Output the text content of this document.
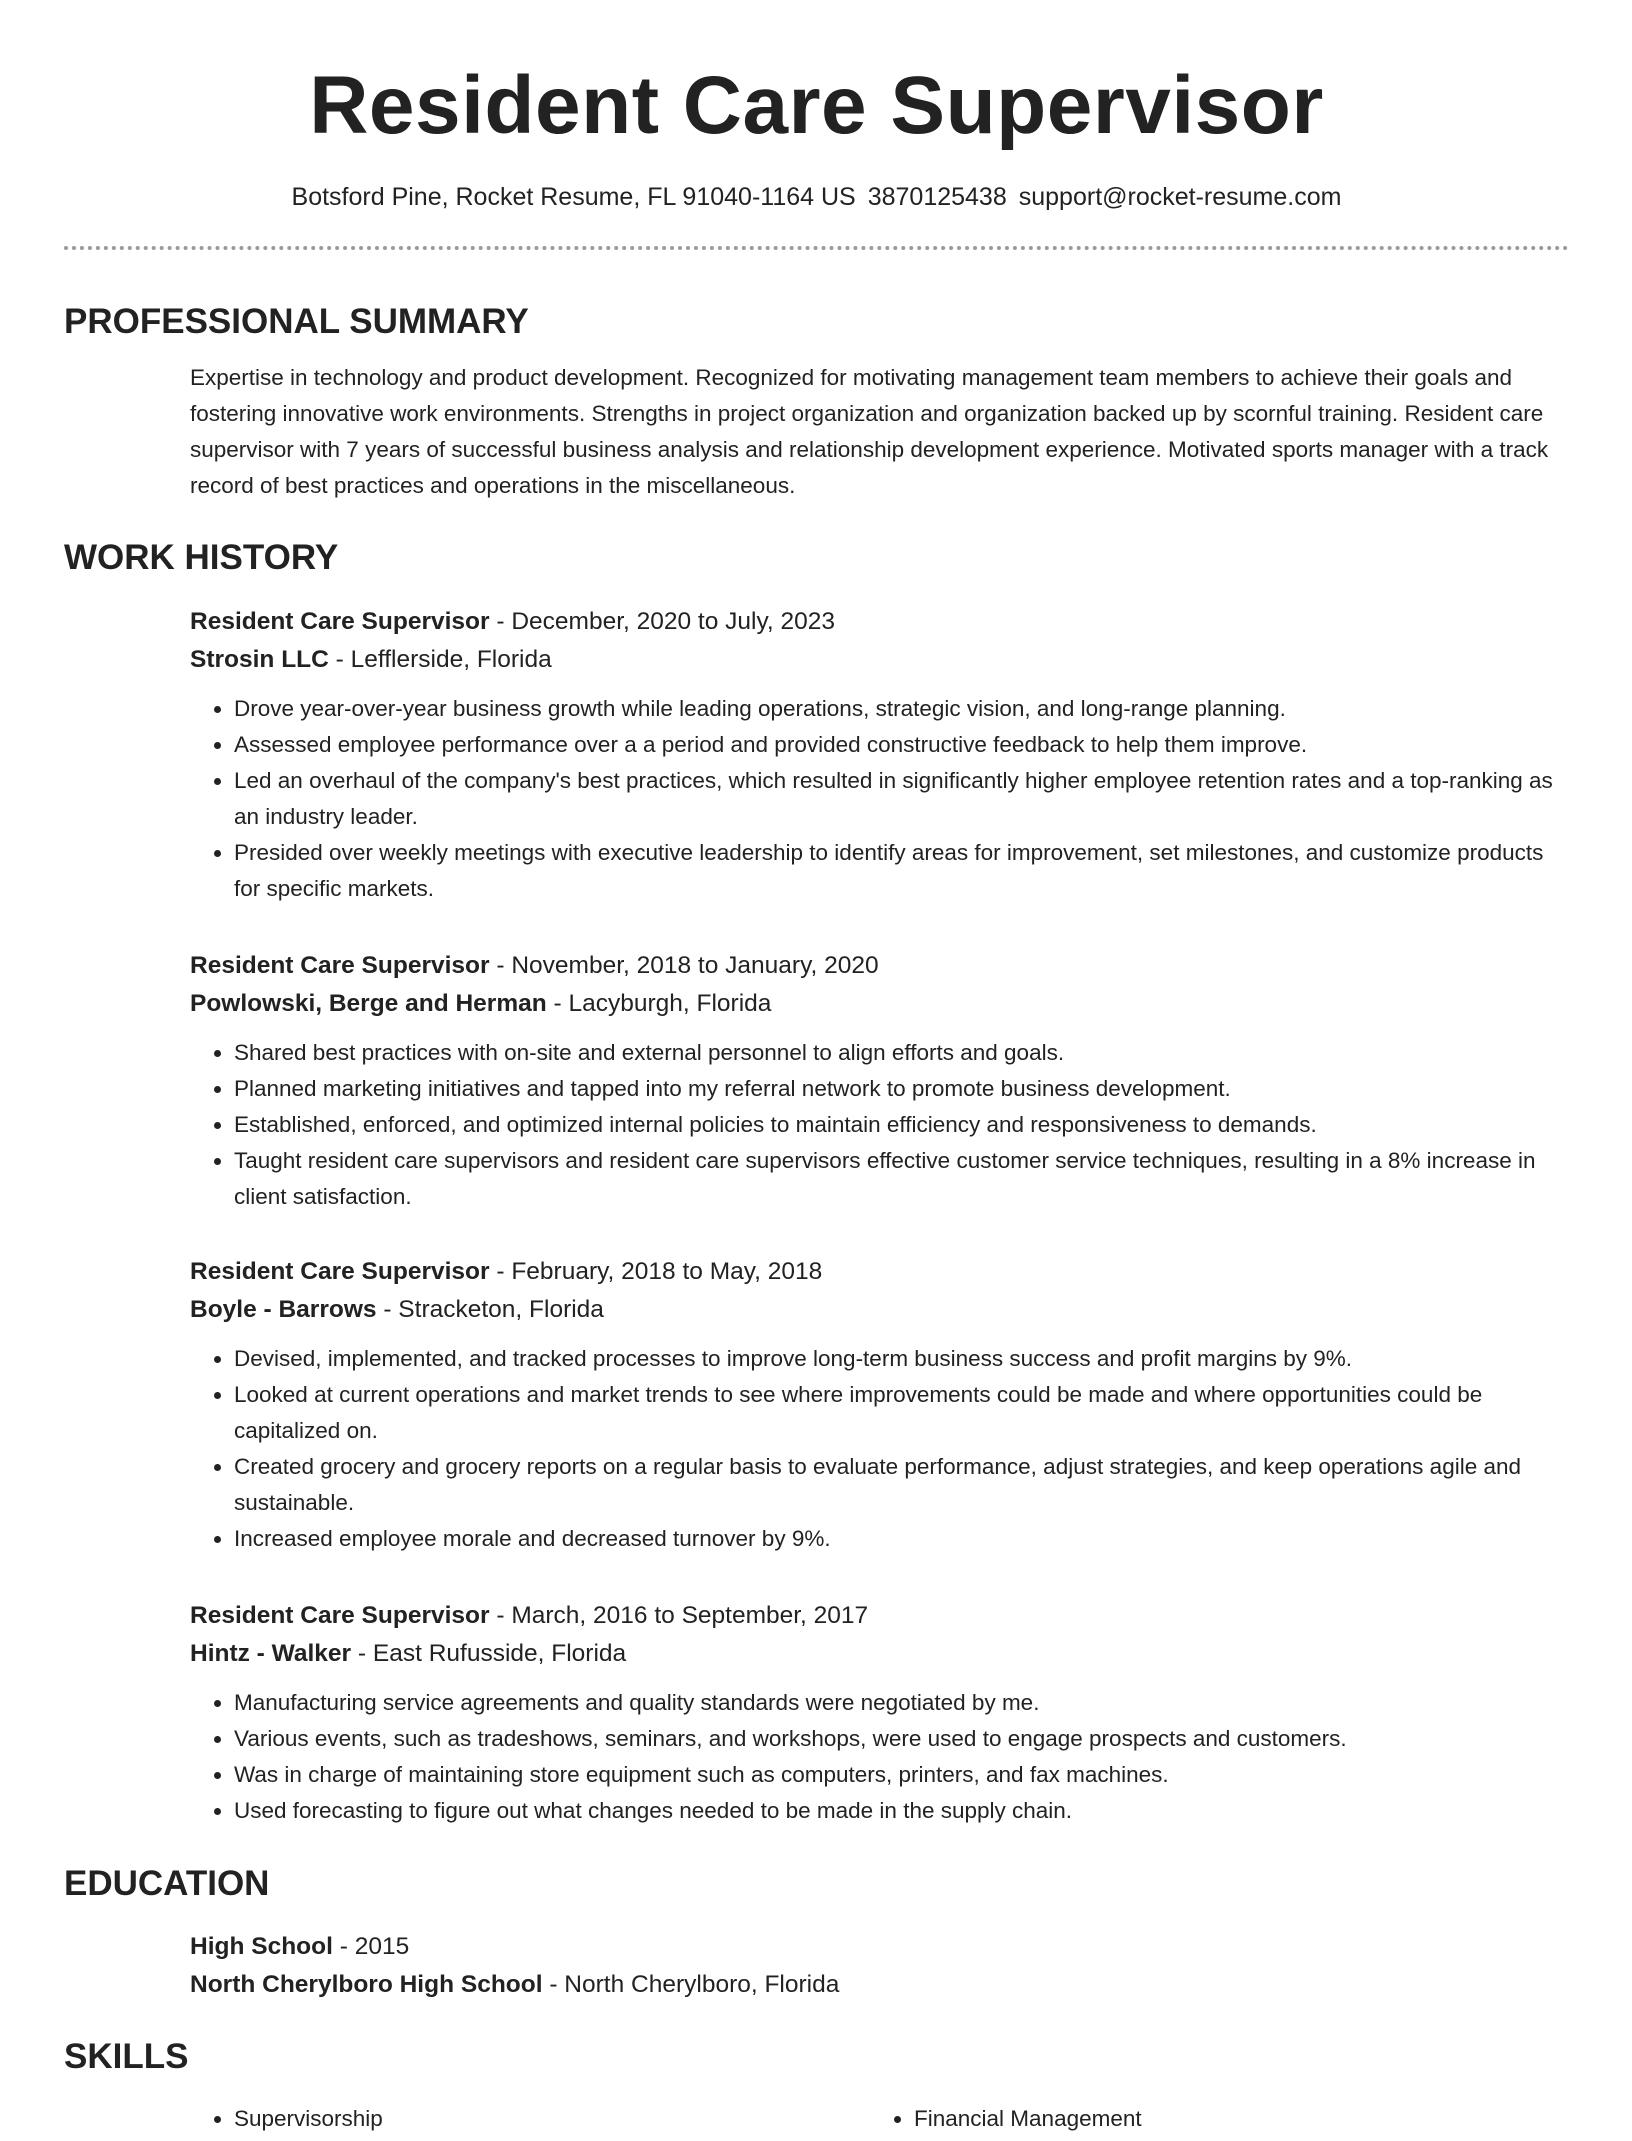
Resident Care Supervisor
Botsford Pine, Rocket Resume, FL 91040-1164 US 3870125438 support@rocket-resume.com
PROFESSIONAL SUMMARY

Expertise in technology and product development. Recognized for motivating management team members to achieve their goals and fostering innovative work environments. Strengths in project organization and organization backed up by scornful training. Resident care supervisor with 7 years of successful business analysis and relationship development experience. Motivated sports manager with a track record of best practices and operations in the miscellaneous.

WORK HISTORY

Resident Care Supervisor - December, 2020 to July, 2023

Strosin LLC - Lefflerside, Florida

• Drove year-over-year business growth while leading operations, strategic vision, and long-range planning.
• Assessed employee performance over a a period and provided constructive feedback to help them improve.
• Led an overhaul of the company's best practices, which resulted in significantly higher employee retention rates and a top-ranking as an industry leader.
• Presided over weekly meetings with executive leadership to identify areas for improvement, set milestones, and customize products for specific markets.

Resident Care Supervisor - November, 2018 to January, 2020

Powlowski, Berge and Herman - Lacyburgh, Florida

• Shared best practices with on-site and external personnel to align efforts and goals.
• Planned marketing initiatives and tapped into my referral network to promote business development.
• Established, enforced, and optimized internal policies to maintain efficiency and responsiveness to demands.
• Taught resident care supervisors and resident care supervisors effective customer service techniques, resulting in a 8% increase in client satisfaction.

Resident Care Supervisor - February, 2018 to May, 2018

Boyle - Barrows - Stracketon, Florida

• Devised, implemented, and tracked processes to improve long-term business success and profit margins by 9%.
• Looked at current operations and market trends to see where improvements could be made and where opportunities could be capitalized on.
• Created grocery and grocery reports on a regular basis to evaluate performance, adjust strategies, and keep operations agile and sustainable.
• Increased employee morale and decreased turnover by 9%.

Resident Care Supervisor - March, 2016 to September, 2017

Hintz - Walker - East Rufusside, Florida

• Manufacturing service agreements and quality standards were negotiated by me.
• Various events, such as tradeshows, seminars, and workshops, were used to engage prospects and customers.
• Was in charge of maintaining store equipment such as computers, printers, and fax machines.
• Used forecasting to figure out what changes needed to be made in the supply chain.
EDUCATION

High School - 2015

North Cherylboro High School - North Cherylboro, Florida

SKILLS
• Supervisorship
•	Financial Management
